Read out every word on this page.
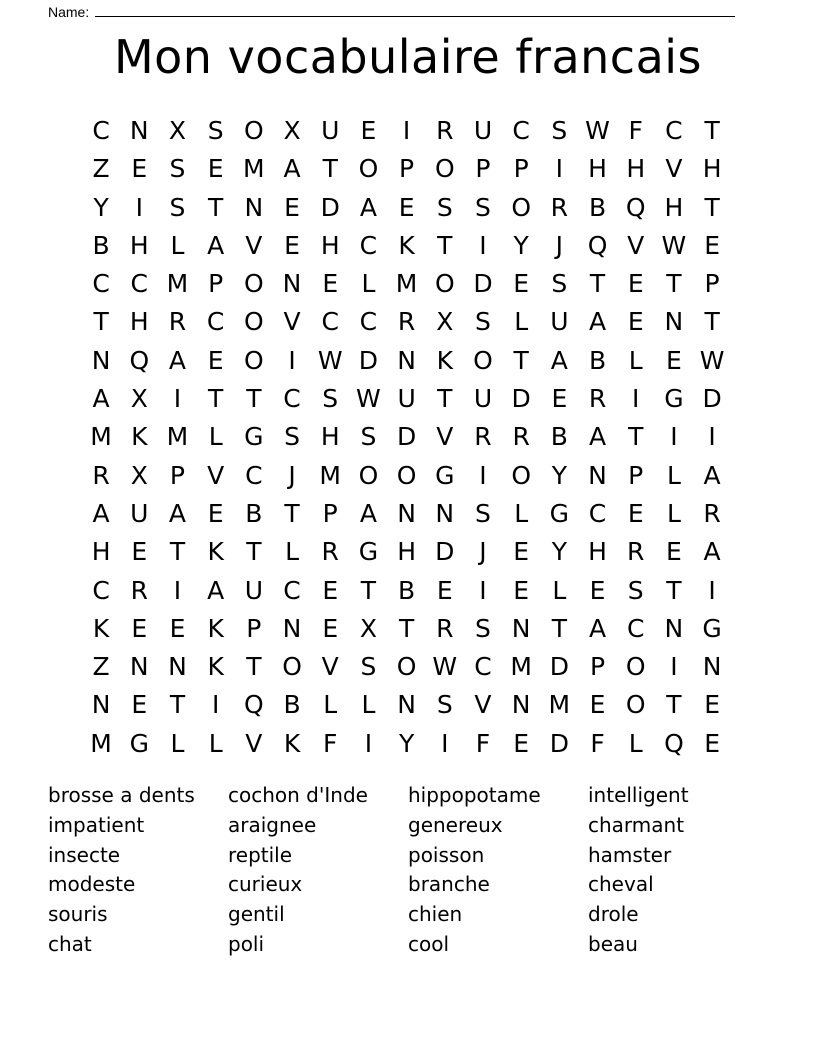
Name:
Mon vocabulaire francais
C N X S O X U E	I	R U C S W F C T
Z E S E M A T O P O P P	I	H H V H
Y	I	S T N E D A E S S O R B Q H T
B H L A V E H C K T	I	Y	J Q V W E
C C M P O N E L M O D E S T E T P
T H R C O V C C R X S L U A E N T
N Q A E O I W D N K O T A B L E W
A X	I	T T C S W U T U D E R	I G D
M K M L G S H S D V R R B A T	I	I
R X P V C	J M O O G I O Y N P L A
A U A E B T P A N N S L G C E L R
H E T K T L R G H D J	E Y H R E A
C R	I	A U C E T B E	I	E L E S T	I
K E E K P N E X T R S N T A C N G
Z N N K T O V S O W C M D P O I	N
N E T	I Q B L L N S V N M E O T E
M G L L V K F	I	Y	I	F E D F L Q E
brosse a dents	cochon d'Inde	hippopotame	intelligent
impatient	araignee	genereux	charmant
insecte	reptile	poisson	hamster
modeste	curieux	branche	cheval
souris	gentil	chien	drole
chat	poli	cool	beau
